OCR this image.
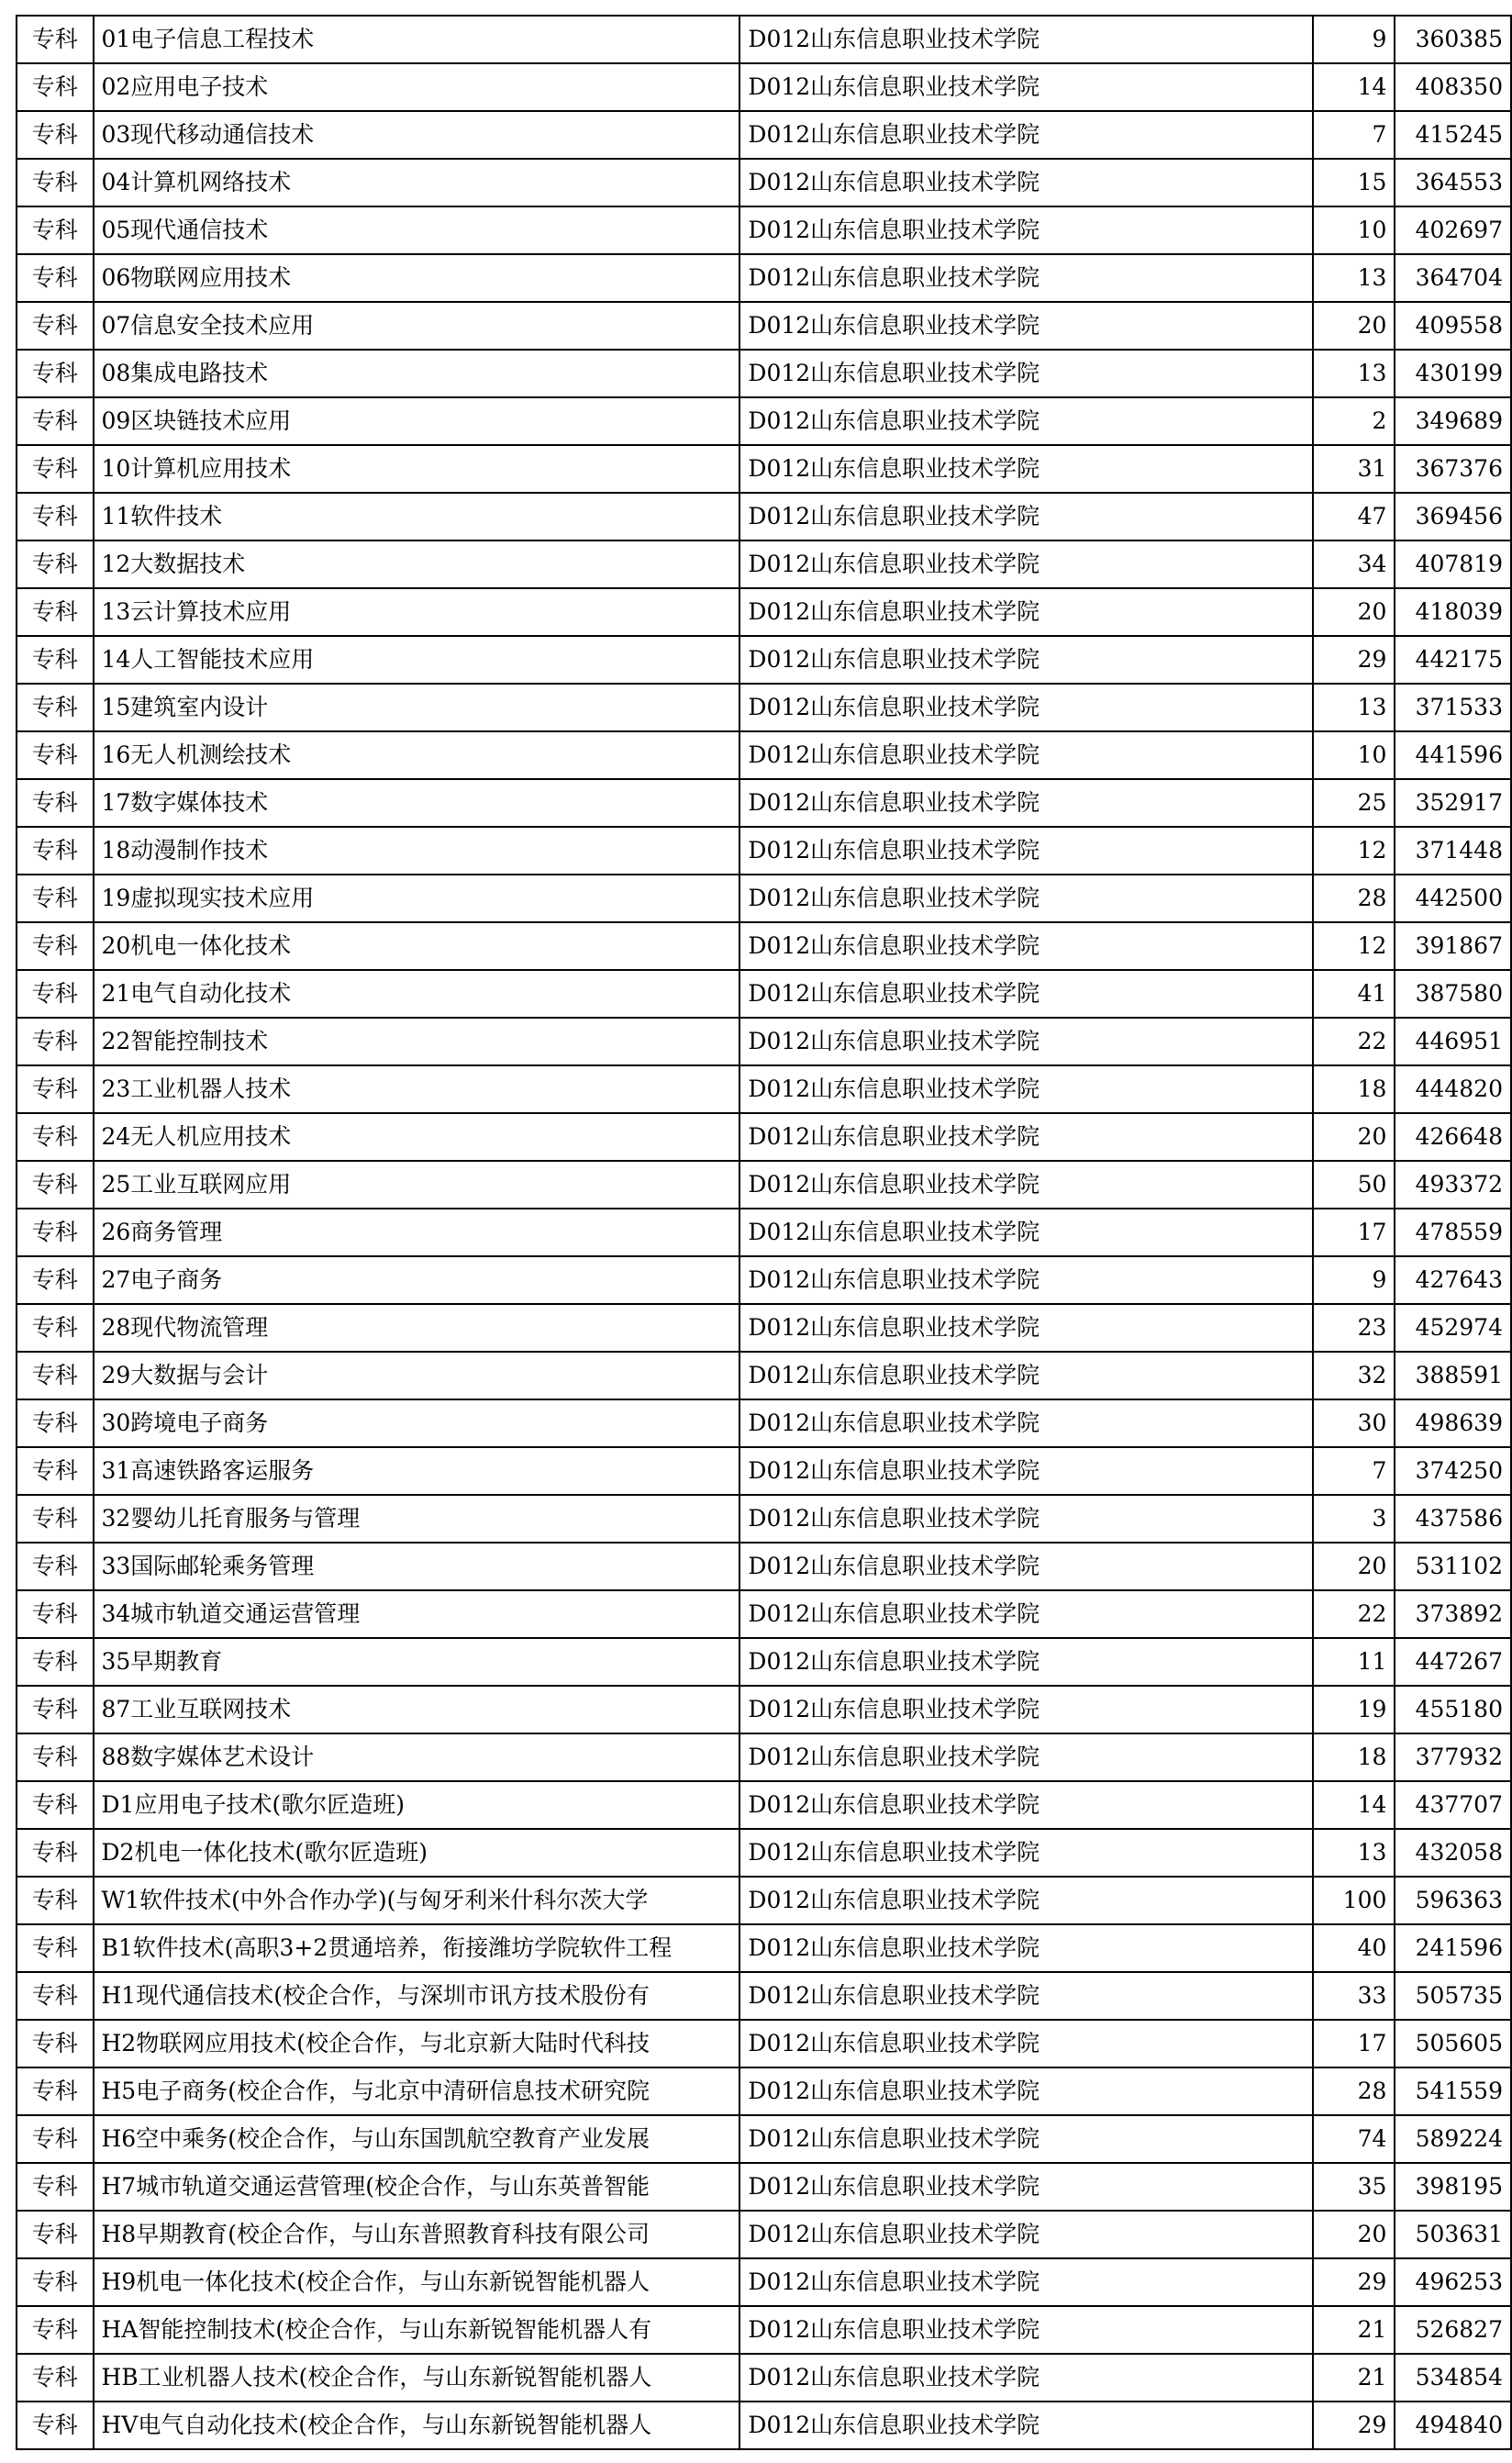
专科	01电子信息工程技术	D012山东信息职业技术学院	9	360385
专科	02应用电子技术	D012山东信息职业技术学院	14	408350
专科	03现代移动通信技术	D012山东信息职业技术学院	7	415245
专科	04计算机网络技术	D012山东信息职业技术学院	15	364553
专科	05现代通信技术	D012山东信息职业技术学院	10	402697
专科	06物联网应用技术	D012山东信息职业技术学院	13	364704
专科	07信息安全技术应用	D012山东信息职业技术学院	20	409558
专科	08集成电路技术	D012山东信息职业技术学院	13	430199
专科	09区块链技术应用	D012山东信息职业技术学院	2	349689
专科	10计算机应用技术	D012山东信息职业技术学院	31	367376
专科	11软件技术	D012山东信息职业技术学院	47	369456
专科	12大数据技术	D012山东信息职业技术学院	34	407819
专科	13云计算技术应用	D012山东信息职业技术学院	20	418039
专科	14人工智能技术应用	D012山东信息职业技术学院	29	442175
专科	15建筑室内设计	D012山东信息职业技术学院	13	371533
专科	16无人机测绘技术	D012山东信息职业技术学院	10	441596
专科	17数字媒体技术	D012山东信息职业技术学院	25	352917
专科	18动漫制作技术	D012山东信息职业技术学院	12	371448
专科	19虚拟现实技术应用	D012山东信息职业技术学院	28	442500
专科	20机电一体化技术	D012山东信息职业技术学院	12	391867
专科	21电气自动化技术	D012山东信息职业技术学院	41	387580
专科	22智能控制技术	D012山东信息职业技术学院	22	446951
专科	23工业机器人技术	D012山东信息职业技术学院	18	444820
专科	24无人机应用技术	D012山东信息职业技术学院	20	426648
专科	25工业互联网应用	D012山东信息职业技术学院	50	493372
专科	26商务管理	D012山东信息职业技术学院	17	478559
专科	27电子商务	D012山东信息职业技术学院	9	427643
专科	28现代物流管理	D012山东信息职业技术学院	23	452974
专科	29大数据与会计	D012山东信息职业技术学院	32	388591
专科	30跨境电子商务	D012山东信息职业技术学院	30	498639
专科	31高速铁路客运服务	D012山东信息职业技术学院	7	374250
专科	32婴幼儿托育服务与管理	D012山东信息职业技术学院	3	437586
专科	33国际邮轮乘务管理	D012山东信息职业技术学院	20	531102
专科	34城市轨道交通运营管理	D012山东信息职业技术学院	22	373892
专科	35早期教育	D012山东信息职业技术学院	11	447267
专科	87工业互联网技术	D012山东信息职业技术学院	19	455180
专科	88数字媒体艺术设计	D012山东信息职业技术学院	18	377932
专科	D1应用电子技术(歌尔匠造班)	D012山东信息职业技术学院	14	437707
专科	D2机电一体化技术(歌尔匠造班)	D012山东信息职业技术学院	13	432058
专科	W1软件技术(中外合作办学)(与匈牙利米什科尔茨大学	D012山东信息职业技术学院	100	596363
专科	B1软件技术(高职3+2贯通培养，衔接潍坊学院软件工程	D012山东信息职业技术学院	40	241596
专科	H1现代通信技术(校企合作，与深圳市讯方技术股份有	D012山东信息职业技术学院	33	505735
专科	H2物联网应用技术(校企合作，与北京新大陆时代科技	D012山东信息职业技术学院	17	505605
专科	H5电子商务(校企合作，与北京中清研信息技术研究院	D012山东信息职业技术学院	28	541559
专科	H6空中乘务(校企合作，与山东国凯航空教育产业发展	D012山东信息职业技术学院	74	589224
专科	H7城市轨道交通运营管理(校企合作，与山东英普智能	D012山东信息职业技术学院	35	398195
专科	H8早期教育(校企合作，与山东普照教育科技有限公司	D012山东信息职业技术学院	20	503631
专科	H9机电一体化技术(校企合作，与山东新锐智能机器人	D012山东信息职业技术学院	29	496253
专科	HA智能控制技术(校企合作，与山东新锐智能机器人有	D012山东信息职业技术学院	21	526827
专科	HB工业机器人技术(校企合作，与山东新锐智能机器人	D012山东信息职业技术学院	21	534854
专科	HV电气自动化技术(校企合作，与山东新锐智能机器人	D012山东信息职业技术学院	29	494840
